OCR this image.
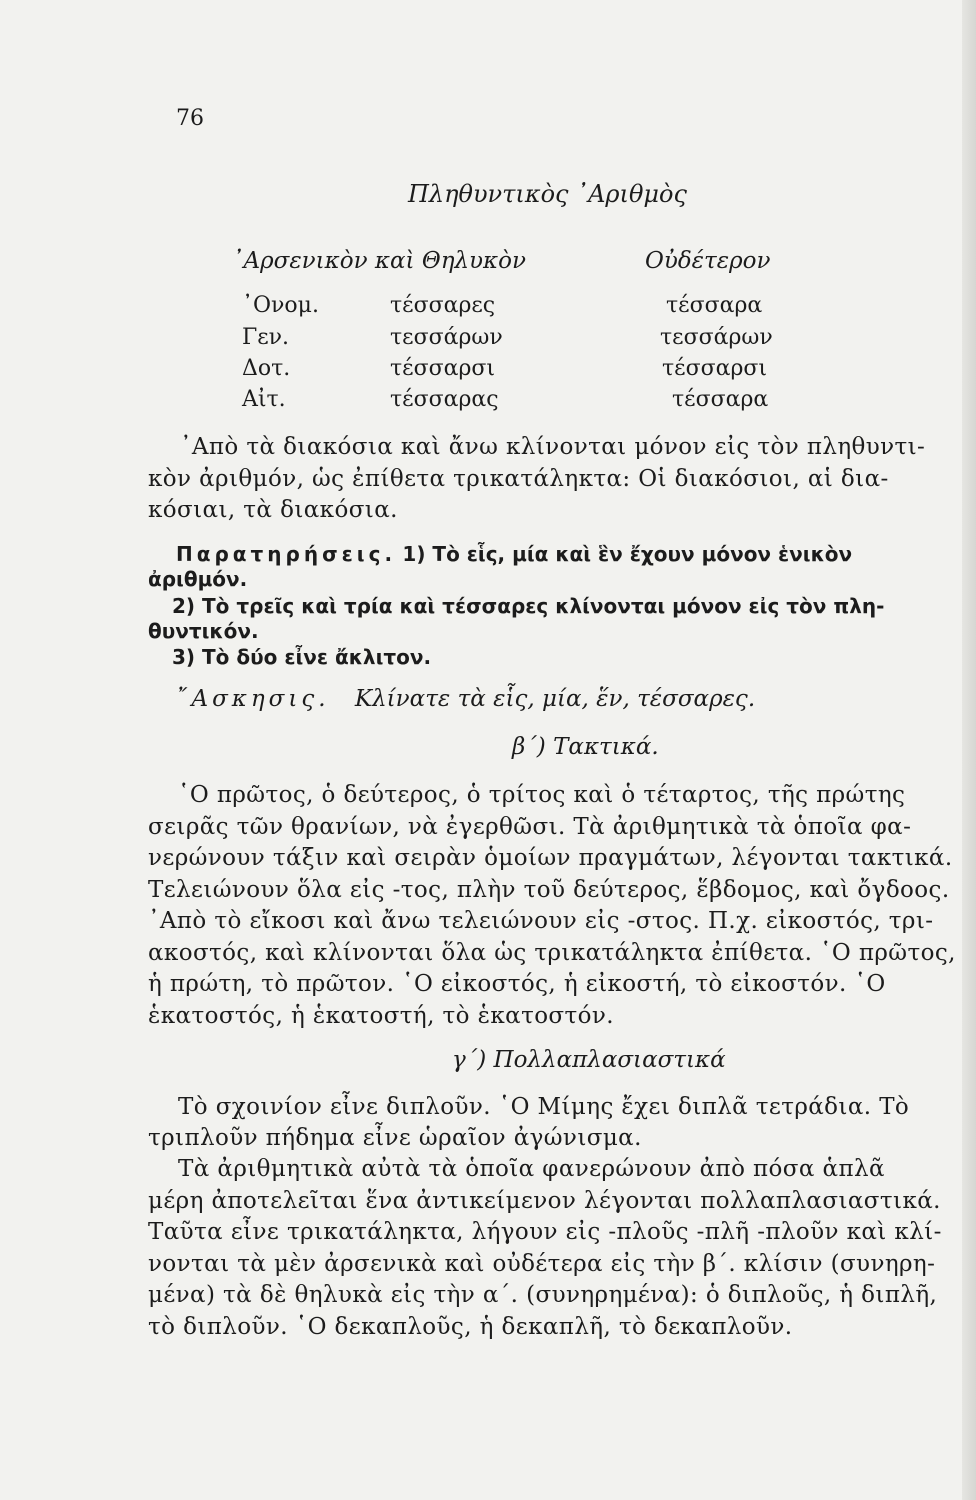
76
Πληθυντικὸς ᾿Αριθμὸς
᾿Αρσενικὸν καὶ Θηλυκὸν	Οὐδέτερον
᾿Ονομ.	τέσσαρες	τέσσαρα
Γεν.	τεσσάρων	τεσσάρων
Δοτ.	τέσσαρσι	τέσσαρσι
Αἰτ.	τέσσαρας	τέσσαρα
᾿Απὸ τὰ διακόσια καὶ ἄνω κλίνονται μόνον εἰς τὸν πληθυντι-
κὸν ἀριθμόν, ὡς ἐπίθετα τρικατάληκτα: Οἱ διακόσιοι, αἱ δια-
κόσιαι, τὰ διακόσια.
Παρατηρήσεις. 1) Τὸ εἷς, μία καὶ ἓν ἔχουν μόνον ἑνικὸν
ἀριθμόν.
2) Τὸ τρεῖς καὶ τρία καὶ τέσσαρες κλίνονται μόνον εἰς τὸν πλη-
θυντικόν.
3) Τὸ δύο εἶνε ἄκλιτον.
῎Ασκησις. Κλίνατε τὰ εἷς, μία, ἕν, τέσσαρες.
β΄) Τακτικά.
῾Ο πρῶτος, ὁ δεύτερος, ὁ τρίτος καὶ ὁ τέταρτος, τῆς πρώτης
σειρᾶς τῶν θρανίων, νὰ ἐγερθῶσι. Τὰ ἀριθμητικὰ τὰ ὁποῖα φα-
νερώνουν τάξιν καὶ σειρὰν ὁμοίων πραγμάτων, λέγονται τακτικά.
Τελειώνουν ὅλα εἰς -τος, πλὴν τοῦ δεύτερος, ἕβδομος, καὶ ὄγδοος.
᾿Απὸ τὸ εἴκοσι καὶ ἄνω τελειώνουν εἰς -στος. Π.χ. εἰκοστός, τρι-
ακοστός, καὶ κλίνονται ὅλα ὡς τρικατάληκτα ἐπίθετα. ῾Ο πρῶτος,
ἡ πρώτη, τὸ πρῶτον. ῾Ο εἰκοστός, ἡ εἰκοστή, τὸ εἰκοστόν. ῾Ο
ἑκατοστός, ἡ ἑκατοστή, τὸ ἑκατοστόν.
γ΄) Πολλαπλασιαστικά
Τὸ σχοινίον εἶνε διπλοῦν. ῾Ο Μίμης ἔχει διπλᾶ τετράδια. Τὸ
τριπλοῦν πήδημα εἶνε ὡραῖον ἀγώνισμα.
Τὰ ἀριθμητικὰ αὐτὰ τὰ ὁποῖα φανερώνουν ἀπὸ πόσα ἁπλᾶ
μέρη ἀποτελεῖται ἕνα ἀντικείμενον λέγονται πολλαπλασιαστικά.
Ταῦτα εἶνε τρικατάληκτα, λήγουν εἰς -πλοῦς -πλῆ -πλοῦν καὶ κλί-
νονται τὰ μὲν ἀρσενικὰ καὶ οὐδέτερα εἰς τὴν β΄. κλίσιν (συνηρη-
μένα) τὰ δὲ θηλυκὰ εἰς τὴν α΄. (συνηρημένα): ὁ διπλοῦς, ἡ διπλῆ,
τὸ διπλοῦν. ῾Ο δεκαπλοῦς, ἡ δεκαπλῆ, τὸ δεκαπλοῦν.
